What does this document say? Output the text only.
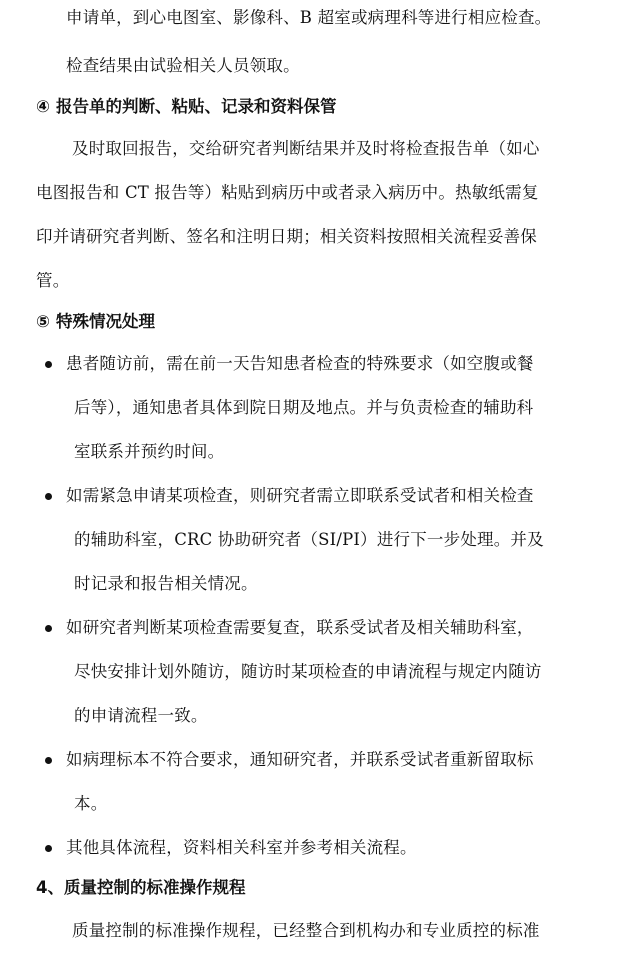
申请单，到心电图室、影像科、B 超室或病理科等进行相应检查。
检查结果由试验相关人员领取。
④ 报告单的判断、粘贴、记录和资料保管
及时取回报告，交给研究者判断结果并及时将检查报告单（如心
电图报告和 CT 报告等）粘贴到病历中或者录入病历中。热敏纸需复
印并请研究者判断、签名和注明日期；相关资料按照相关流程妥善保
管。
⑤ 特殊情况处理
患者随访前，需在前一天告知患者检查的特殊要求（如空腹或餐
后等），通知患者具体到院日期及地点。并与负责检查的辅助科
室联系并预约时间。
如需紧急申请某项检查，则研究者需立即联系受试者和相关检查
的辅助科室，CRC 协助研究者（SI/PI）进行下一步处理。并及
时记录和报告相关情况。
如研究者判断某项检查需要复查，联系受试者及相关辅助科室，
尽快安排计划外随访，随访时某项检查的申请流程与规定内随访
的申请流程一致。
如病理标本不符合要求，通知研究者，并联系受试者重新留取标
本。
其他具体流程，资料相关科室并参考相关流程。
4、质量控制的标准操作规程
质量控制的标准操作规程，已经整合到机构办和专业质控的标准
